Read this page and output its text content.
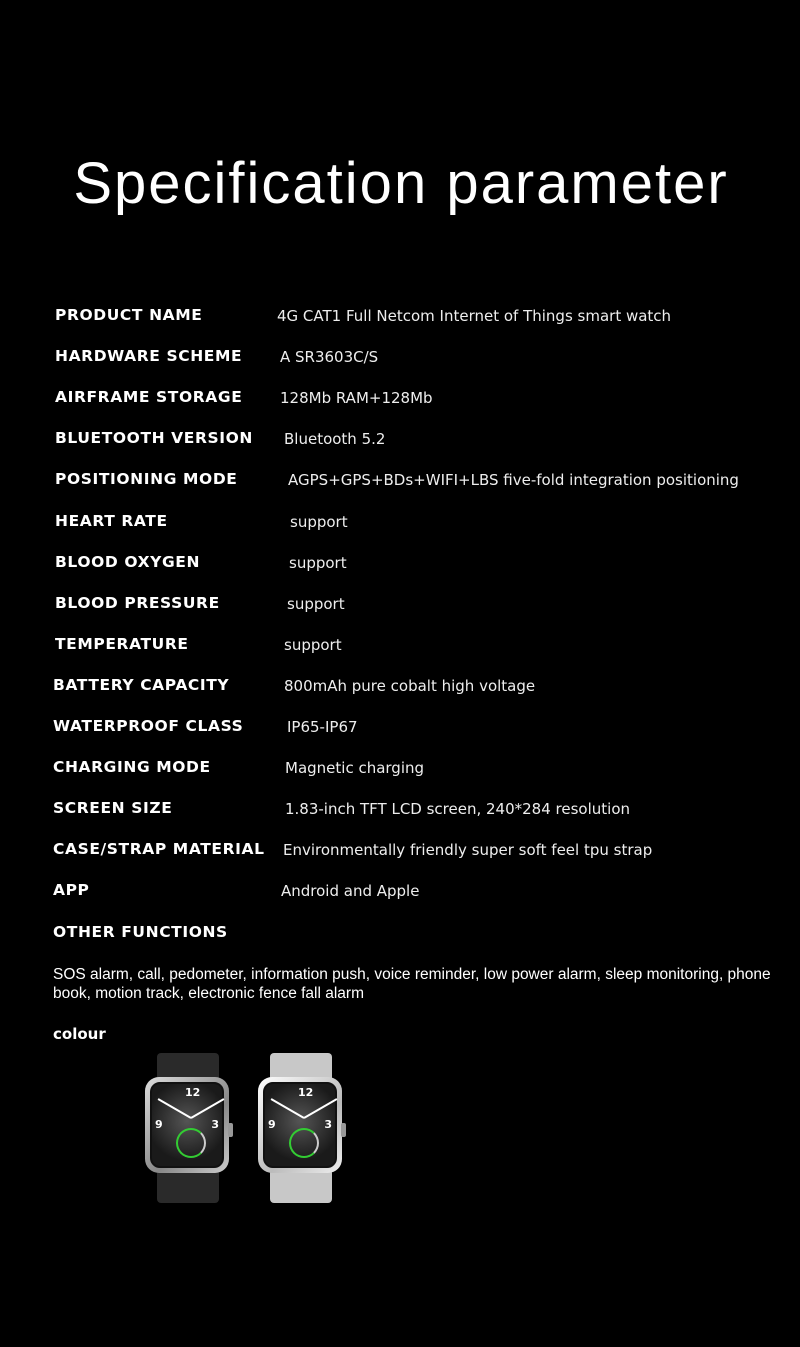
Specification parameter
PRODUCT NAME	4G CAT1 Full Netcom Internet of Things smart watch
HARDWARE SCHEME	A SR3603C/S
AIRFRAME STORAGE	128Mb RAM+128Mb
BLUETOOTH VERSION Bluetooth 5.2
POSITIONING MODE	AGPS+GPS+BDs+WIFI+LBS five-fold integration positioning
HEART RATE	support
BLOOD OXYGEN	support
BLOOD PRESSURE	support
TEMPERATURE	support
BATTERY CAPACITY	800mAh pure cobalt high voltage
WATERPROOF CLASS	IP65-IP67
CHARGING MODE	Magnetic charging
SCREEN SIZE	1.83-inch TFT LCD screen, 240*284 resolution
CASE/STRAP MATERIAL Environmentally friendly super soft feel tpu strap
APP	Android and Apple
OTHER FUNCTIONS
SOS alarm, call, pedometer, information push, voice reminder, low power alarm, sleep monitoring, phone book, motion track, electronic fence fall alarm
colour
12
9	3
12
9	3
